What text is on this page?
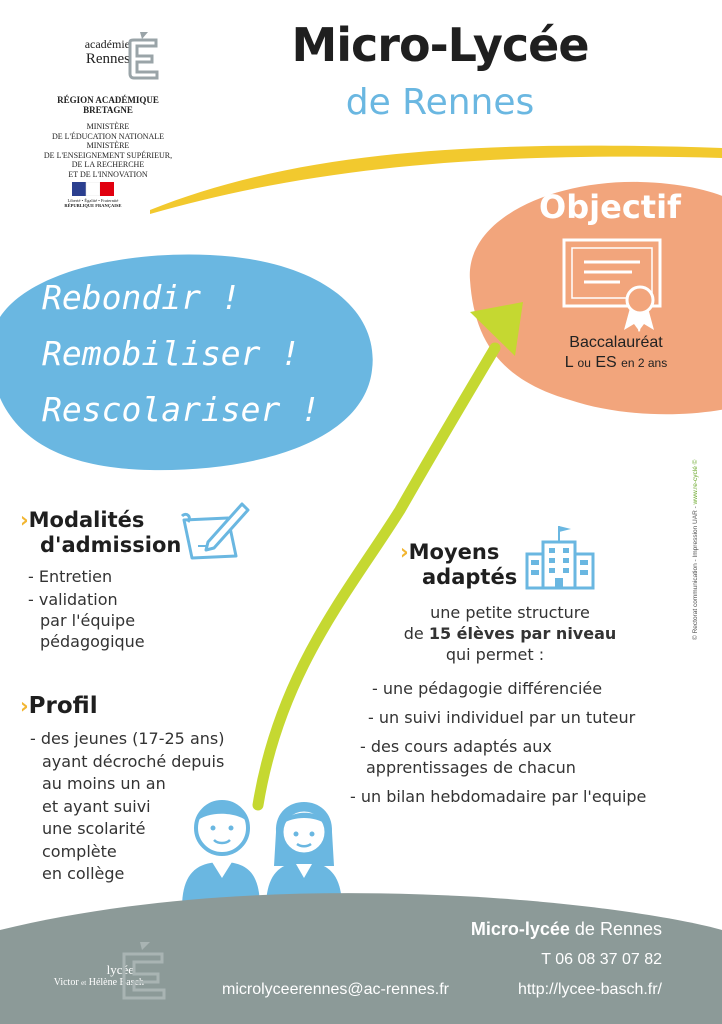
académie
Rennes
RÉGION ACADÉMIQUE
BRETAGNE
MINISTÈRE
DE L'ÉDUCATION NATIONALE
MINISTÈRE
DE L'ENSEIGNEMENT SUPÉRIEUR,
DE LA RECHERCHE
ET DE L'INNOVATION
Liberté • Égalité • Fraternité
RÉPUBLIQUE FRANÇAISE
Micro-Lycée
de Rennes
Rebondir !
Remobiliser !
Rescolariser !
Objectif
Baccalauréat
L ou ES en 2 ans
›Modalités
d'admission
- Entretien
- validation
par l'équipe
pédagogique
›Profil
- des jeunes (17-25 ans)
ayant décroché depuis
au moins un an
et ayant suivi
une scolarité
complète
en collège
›Moyens
adaptés
une petite structure
de 15 élèves par niveau
qui permet :
- une pédagogie différenciée
- un suivi individuel par un tuteur
- des cours adaptés aux
apprentissages de chacun
- un bilan hebdomadaire par l'equipe
Micro-lycée de Rennes
T 06 08 37 07 82
microlyceerennes@ac-rennes.fr	http://lycee-basch.fr/
lycée
Victor et Hélène Basch
© Rectorat communication - Impression UAR - www.re-cyclé ©
